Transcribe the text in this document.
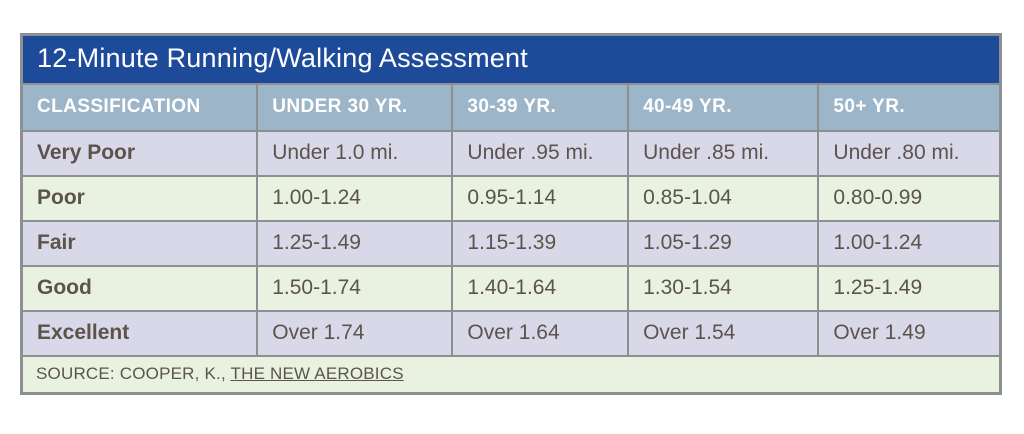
12-Minute Running/Walking Assessment
CLASSIFICATION	UNDER 30 YR.	30-39 YR.	40-49 YR.	50+ YR.
Very Poor	Under 1.0 mi.	Under .95 mi.	Under .85 mi.	Under .80 mi.
Poor	1.00-1.24	0.95-1.14	0.85-1.04	0.80-0.99
Fair	1.25-1.49	1.15-1.39	1.05-1.29	1.00-1.24
Good	1.50-1.74	1.40-1.64	1.30-1.54	1.25-1.49
Excellent	Over 1.74	Over 1.64	Over 1.54	Over 1.49
SOURCE: COOPER, K., THE NEW AEROBICS
